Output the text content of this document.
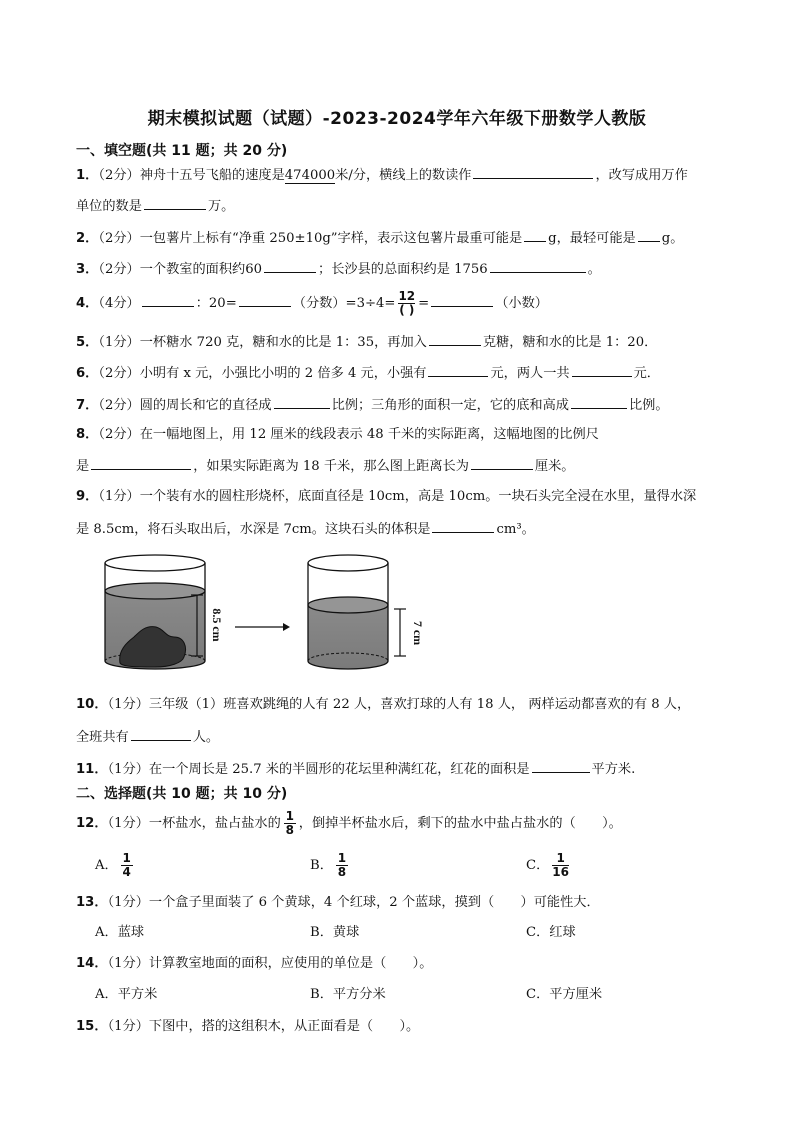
期末模拟试题（试题）-2023-2024学年六年级下册数学人教版
一、填空题(共 11 题；共 20 分)
1．（2分）神舟十五号飞船的速度是474000米/分，横线上的数读作	，改写成用万作
单位的数是	万。
2．（2分）一包薯片上标有“净重 250±10g”字样，表示这包薯片最重可能是 g，最轻可能是 g。
3．（2分）一个教室的面积约60	；长沙县的总面积约是 1756	。
4．（4分）	：20=	（分数）$=3\div 4= \frac{12}{( )}$ =	（小数）
5．（1分）一杯糖水 720 克，糖和水的比是 1：35，再加入	克糖，糖和水的比是 1：20．
6．（2分）小明有 x 元，小强比小明的 2 倍多 4 元，小强有	元，两人一共	元．
7．（2分）圆的周长和它的直径成	比例；三角形的面积一定，它的底和高成	比例。
8．（2分）在一幅地图上，用 12 厘米的线段表示 48 千米的实际距离，这幅地图的比例尺
是	，如果实际距离为 18 千米，那么图上距离长为	厘米。
9．（1分）一个装有水的圆柱形烧杯，底面直径是 10cm，高是 10cm。一块石头完全浸在水里，量得水深
是 8.5cm，将石头取出后，水深是 7cm。这块石头的体积是	cm³。
8.5 cm	7 cm
10．（1分）三年级（1）班喜欢跳绳的人有 22 人，喜欢打球的人有 18 人， 两样运动都喜欢的有 8 人，
全班共有	人。
11．（1分）在一个周长是 25.7 米的半圆形的花坛里种满红花，红花的面积是	平方米.
二、选择题(共 10 题；共 10 分)
12．（1分）一杯盐水，盐占盐水的 $\frac{1}{8}$ ，倒掉半杯盐水后，剩下的盐水中盐占盐水的（　　）。
A． $\frac{1}{4}$	B． $\frac{1}{8}$	C． $\frac{1}{16}$
13．（1分）一个盒子里面装了 6 个黄球，4 个红球，2 个蓝球，摸到（　　）可能性大．
A．蓝球	B．黄球	C．红球
14．（1分）计算教室地面的面积，应使用的单位是（　　）。
A．平方米	B．平方分米	C．平方厘米
15．（1分）下图中，搭的这组积木，从正面看是（　　）。
